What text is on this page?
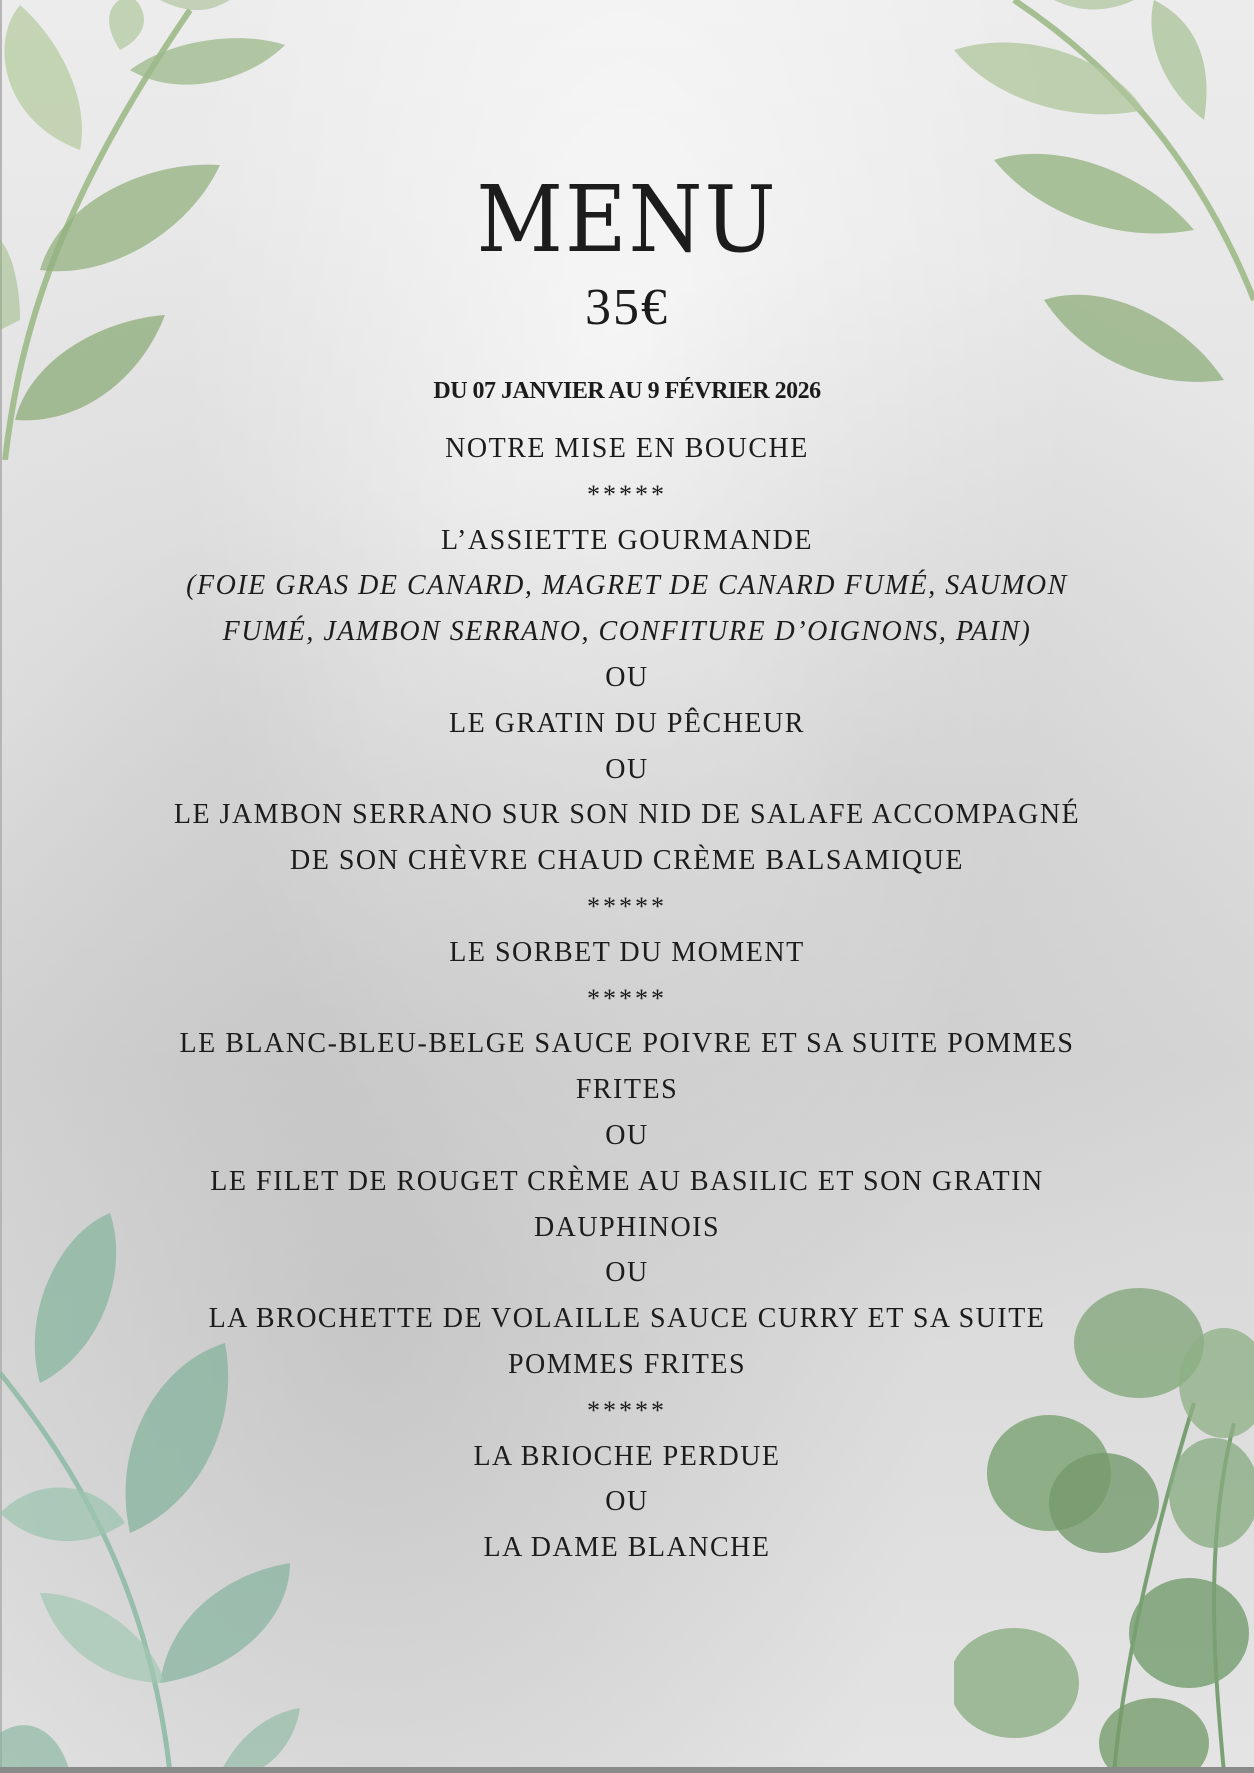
MENU
35€
DU 07 JANVIER AU 9 FÉVRIER 2026
NOTRE MISE EN BOUCHE
*****
L’ASSIETTE GOURMANDE
(FOIE GRAS DE CANARD, MAGRET DE CANARD FUMÉ, SAUMON
FUMÉ, JAMBON SERRANO, CONFITURE D’OIGNONS, PAIN)
OU
LE GRATIN DU PÊCHEUR
OU
LE JAMBON SERRANO SUR SON NID DE SALAFE ACCOMPAGNÉ
DE SON CHÈVRE CHAUD CRÈME BALSAMIQUE
*****
LE SORBET DU MOMENT
*****
LE BLANC-BLEU-BELGE SAUCE POIVRE ET SA SUITE POMMES
FRITES
OU
LE FILET DE ROUGET CRÈME AU BASILIC ET SON GRATIN
DAUPHINOIS
OU
LA BROCHETTE DE VOLAILLE SAUCE CURRY ET SA SUITE
POMMES FRITES
*****
LA BRIOCHE PERDUE
OU
LA DAME BLANCHE
